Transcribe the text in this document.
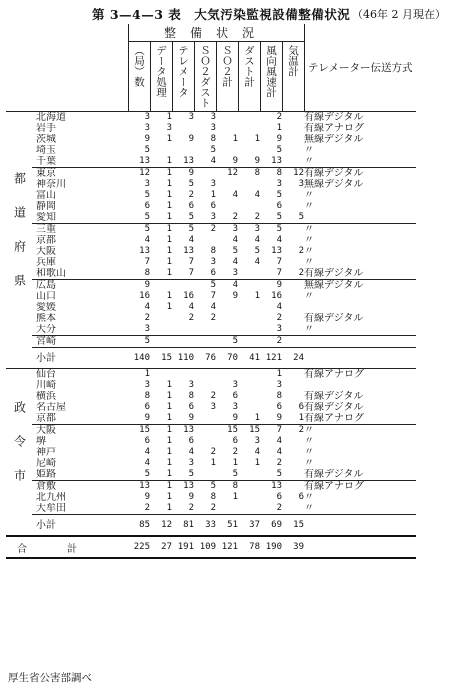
第 3—4—3 表　大気汚染監視設備整備状況 （46年 2 月現在）
		整備状況								テレメーター伝送方式
		（局）数	データ処理	テレメータ	ＳＯ２ダスト	ＳＯ２計	ダスト計	風向風速計	気温計	
都道府県	北海道	3	1	3	3			2		有線デジタル

	岩手	3	3		3			1		有線アナログ

	茨城	9	1	9	8	1	1	9		無線デジタル

	埼玉	5			5			5		〃

	千葉	13	1	13	4	9	9	13		〃

	東京	12	1	9		12	8	8	12	有線デジタル

	神奈川	3	1	5	3			3	3	無線デジタル

	富山	5	1	2	1	4	4	5		〃

	静岡	6	1	6	6			6		〃

	愛知	5	1	5	3	2	2	5	5	

	三重	5	1	5	2	3	3	5		〃

	京都	4	1	4		4	4	4		〃

	大阪	13	1	13	8	5	5	13	2	〃

	兵庫	7	1	7	3	4	4	7		〃

	和歌山	8	1	7	6	3		7	2	有線デジタル

	広島	9			5	4		9		無線デジタル

	山口	16	1	16	7	9	1	16		〃

	愛媛	4	1	4	4			4		

	熊本	2		2	2			2		有線デジタル

	大分	3						3		〃

	宮崎	5				5		2		

	小計	140	15	110	76	70	41	121	24	
政令市	仙台	1						1		有線アナログ

	川崎	3	1	3		3		3		

	横浜	8	1	8	2	6		8		有線デジタル

	名古屋	6	1	6	3	3		6	6	有線デジタル

	京都	9	1	9		9	1	9	1	有線アナログ

	大阪	15	1	13		15	15	7	2	〃

	堺	6	1	6		6	3	4		〃

	神戸	4	1	4	2	2	4	4		〃

	尼崎	4	1	3	1	1	1	2		〃

	姫路	5	1	5		5		5		有線デジタル

	倉敷	13	1	13	5	8		13		有線アナログ

	北九州	9	1	9	8	1		6	6	〃

	大牟田	2	1	2	2			2		〃

	小計	85	12	81	33	51	37	69	15	
合計		225	27	191	109	121	78	190	39	
厚生省公害部調べ
